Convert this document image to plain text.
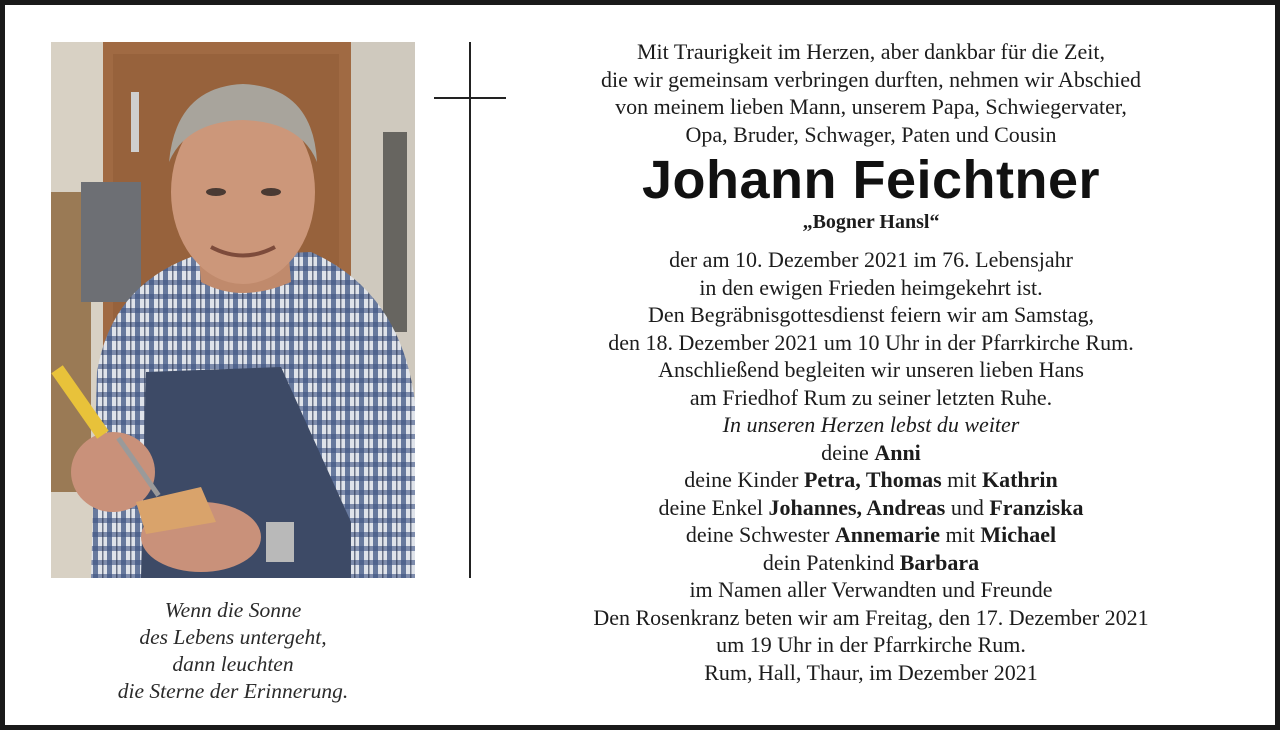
Wenn die Sonne
des Lebens untergeht,
dann leuchten
die Sterne der Erinnerung.
Mit Traurigkeit im Herzen, aber dankbar für die Zeit,
die wir gemeinsam verbringen durften, nehmen wir Abschied
von meinem lieben Mann, unserem Papa, Schwiegervater,
Opa, Bruder, Schwager, Paten und Cousin
Johann Feichtner
„Bogner Hansl“
der am 10. Dezember 2021 im 76. Lebensjahr
in den ewigen Frieden heimgekehrt ist.
Den Begräbnisgottesdienst feiern wir am Samstag,
den 18. Dezember 2021 um 10 Uhr in der Pfarrkirche Rum.
Anschließend begleiten wir unseren lieben Hans
am Friedhof Rum zu seiner letzten Ruhe.
In unseren Herzen lebst du weiter
deine Anni
deine Kinder Petra, Thomas mit Kathrin
deine Enkel Johannes, Andreas und Franziska
deine Schwester Annemarie mit Michael
dein Patenkind Barbara
im Namen aller Verwandten und Freunde
Den Rosenkranz beten wir am Freitag, den 17. Dezember 2021
um 19 Uhr in der Pfarrkirche Rum.
Rum, Hall, Thaur, im Dezember 2021
